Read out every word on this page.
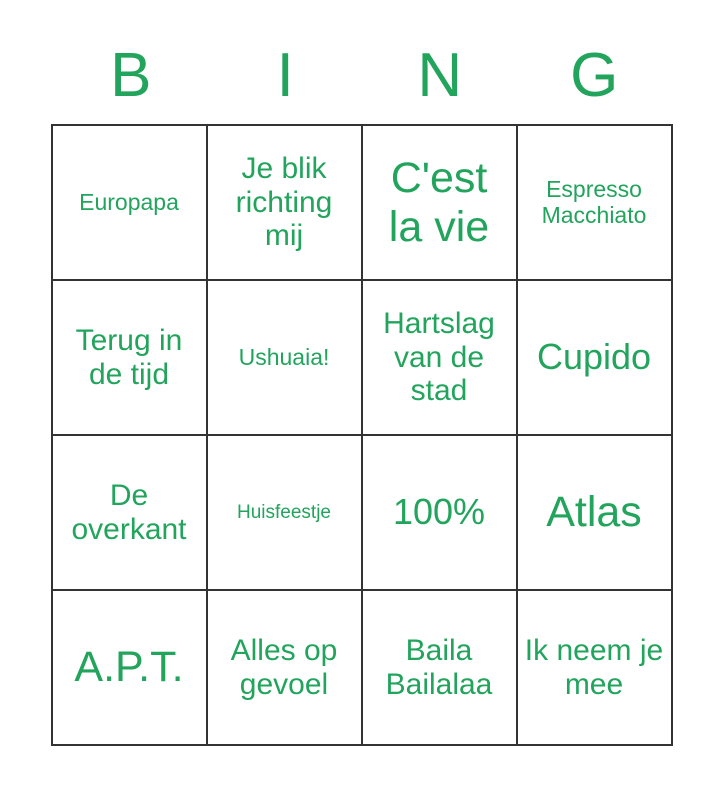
B	I	N	G
Europapa	Je blik richting mij	C'est la vie	Espresso Macchiato
Terug in de tijd	Ushuaia!	Hartslag van de stad	Cupido
De overkant	Huisfeestje	100%	Atlas
A.P.T.	Alles op gevoel	Baila Bailalaa	Ik neem je mee
